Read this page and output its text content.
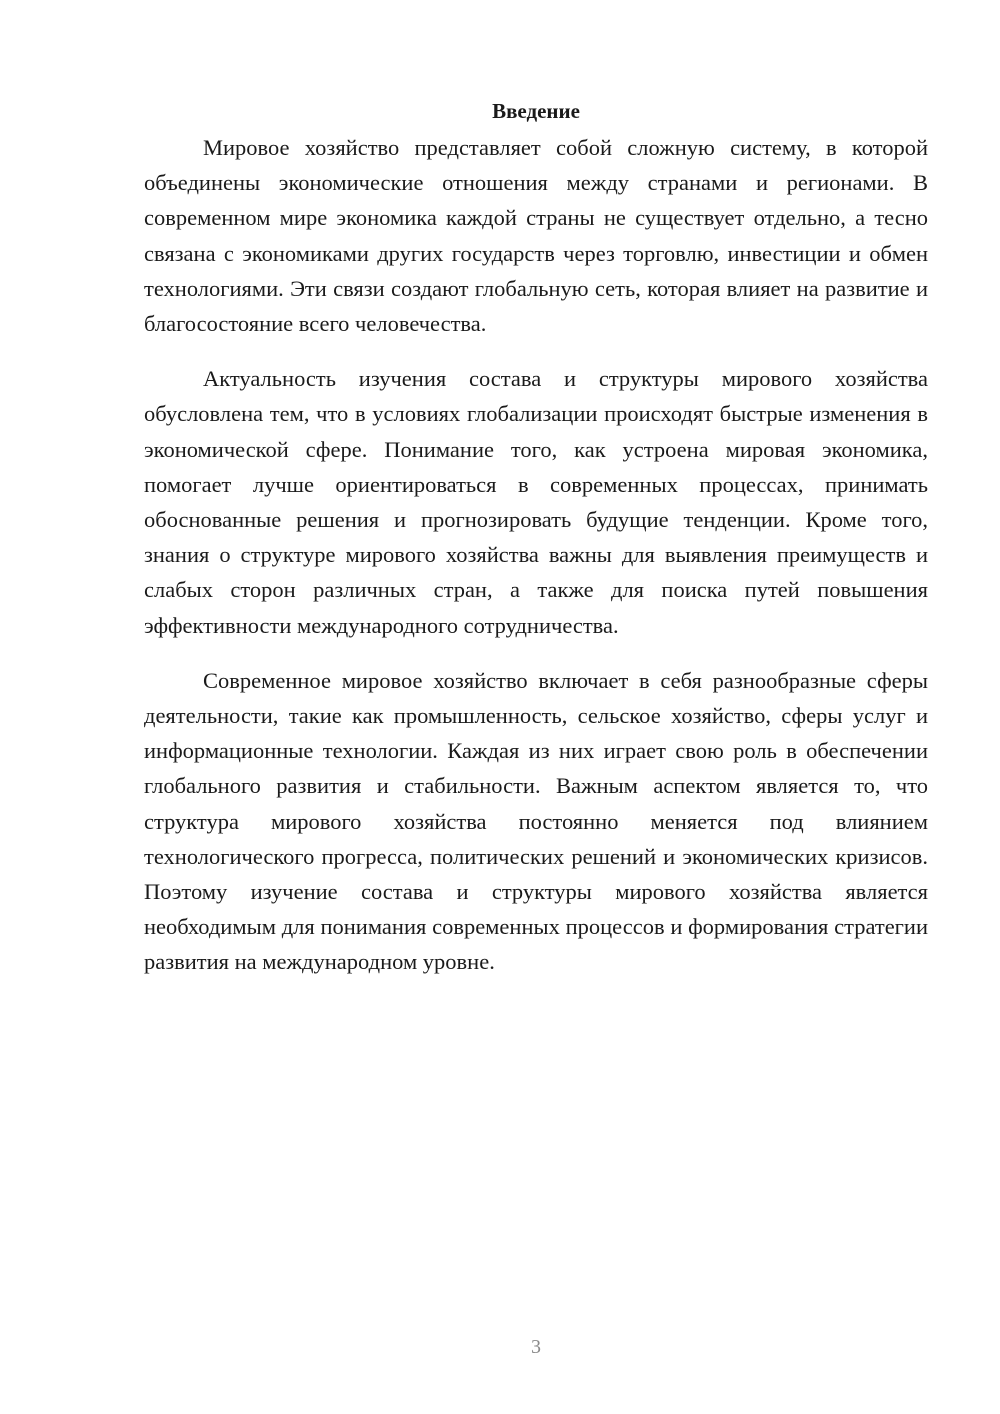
Введение

Мировое хозяйство представляет собой сложную систему, в которой объединены экономические отношения между странами и регионами. В современном мире экономика каждой страны не существует отдельно, а тесно связана с экономиками других государств через торговлю, инвестиции и обмен технологиями. Эти связи создают глобальную сеть, которая влияет на развитие и благосостояние всего человечества.

Актуальность изучения состава и структуры мирового хозяйства обусловлена тем, что в условиях глобализации происходят быстрые изменения в экономической сфере. Понимание того, как устроена мировая экономика, помогает лучше ориентироваться в современных процессах, принимать обоснованные решения и прогнозировать будущие тенденции. Кроме того, знания о структуре мирового хозяйства важны для выявления преимуществ и слабых сторон различных стран, а также для поиска путей повышения эффективности международного сотрудничества.

Современное мировое хозяйство включает в себя разнообразные сферы деятельности, такие как промышленность, сельское хозяйство, сферы услуг и информационные технологии. Каждая из них играет свою роль в обеспечении глобального развития и стабильности. Важным аспектом является то, что структура мирового хозяйства постоянно меняется под влиянием технологического прогресса, политических решений и экономических кризисов. Поэтому изучение состава и структуры мирового хозяйства является необходимым для понимания современных процессов и формирования стратегии развития на международном уровне.

3
